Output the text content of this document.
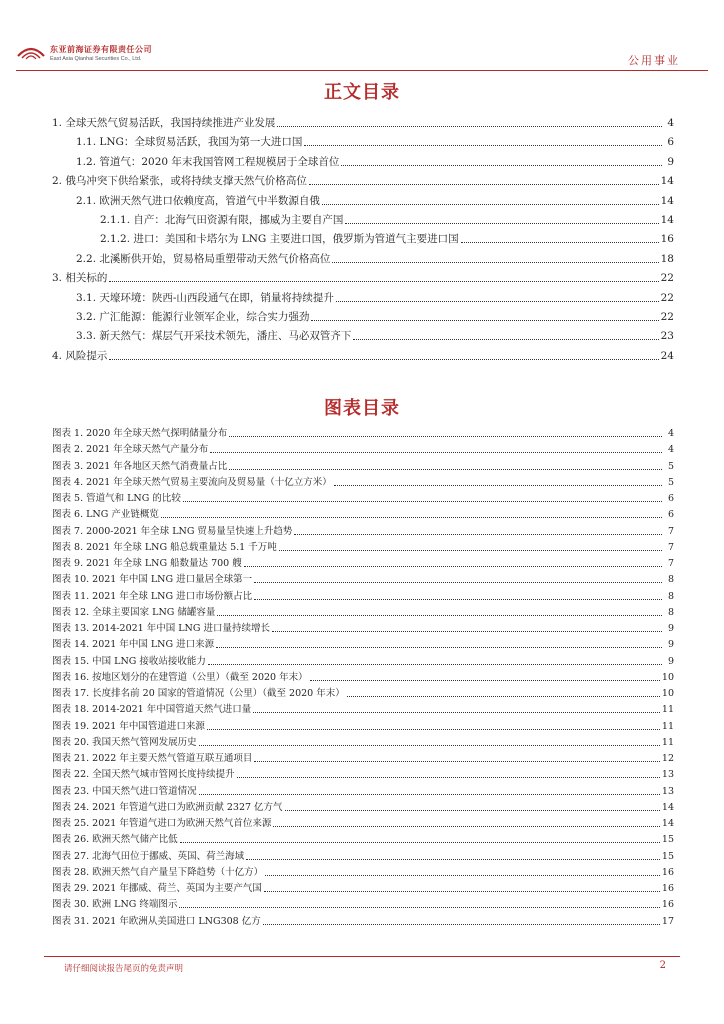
东亚前海证券有限责任公司
East Asia Qianhai Securities Co., Ltd.	公用事业
正文目录
1. 全球天然气贸易活跃，我国持续推进产业发展	4
1.1. LNG：全球贸易活跃，我国为第一大进口国	6
1.2. 管道气：2020 年末我国管网工程规模居于全球首位	9
2. 俄乌冲突下供给紧张，或将持续支撑天然气价格高位	14
2.1. 欧洲天然气进口依赖度高，管道气中半数源自俄	14
2.1.1. 自产：北海气田资源有限，挪威为主要自产国	14
2.1.2. 进口：美国和卡塔尔为 LNG 主要进口国，俄罗斯为管道气主要进口国	16
2.2. 北溪断供开始，贸易格局重塑带动天然气价格高位	18
3. 相关标的	22
3.1. 天壕环境：陕西-山西段通气在即，销量将持续提升	22
3.2. 广汇能源：能源行业领军企业，综合实力强劲	22
3.3. 新天然气：煤层气开采技术领先，潘庄、马必双管齐下	23
4. 风险提示	24
图表目录
图表 1. 2020 年全球天然气探明储量分布	4
图表 2. 2021 年全球天然气产量分布	4
图表 3. 2021 年各地区天然气消费量占比	5
图表 4. 2021 年全球天然气贸易主要流向及贸易量（十亿立方米）	5
图表 5. 管道气和 LNG 的比较	6
图表 6. LNG 产业链概览	6
图表 7. 2000-2021 年全球 LNG 贸易量呈快速上升趋势	7
图表 8. 2021 年全球 LNG 船总载重量达 5.1 千万吨	7
图表 9. 2021 年全球 LNG 船数量达 700 艘	7
图表 10. 2021 年中国 LNG 进口量居全球第一	8
图表 11. 2021 年全球 LNG 进口市场份额占比	8
图表 12. 全球主要国家 LNG 储罐容量	8
图表 13. 2014-2021 年中国 LNG 进口量持续增长	9
图表 14. 2021 年中国 LNG 进口来源	9
图表 15. 中国 LNG 接收站接收能力	9
图表 16. 按地区划分的在建管道（公里）（截至 2020 年末）	10
图表 17. 长度排名前 20 国家的管道情况（公里）（截至 2020 年末）	10
图表 18. 2014-2021 年中国管道天然气进口量	11
图表 19. 2021 年中国管道进口来源	11
图表 20. 我国天然气管网发展历史	11
图表 21. 2022 年主要天然气管道互联互通项目	12
图表 22. 全国天然气城市管网长度持续提升	13
图表 23. 中国天然气进口管道情况	13
图表 24. 2021 年管道气进口为欧洲贡献 2327 亿方气	14
图表 25. 2021 年管道气进口为欧洲天然气首位来源	14
图表 26. 欧洲天然气储产比低	15
图表 27. 北海气田位于挪威、英国、荷兰海域	15
图表 28. 欧洲天然气自产量呈下降趋势（十亿方）	16
图表 29. 2021 年挪威、荷兰、英国为主要产气国	16
图表 30. 欧洲 LNG 终端图示	16
图表 31. 2021 年欧洲从美国进口 LNG308 亿方	17
请仔细阅读报告尾页的免责声明	2
